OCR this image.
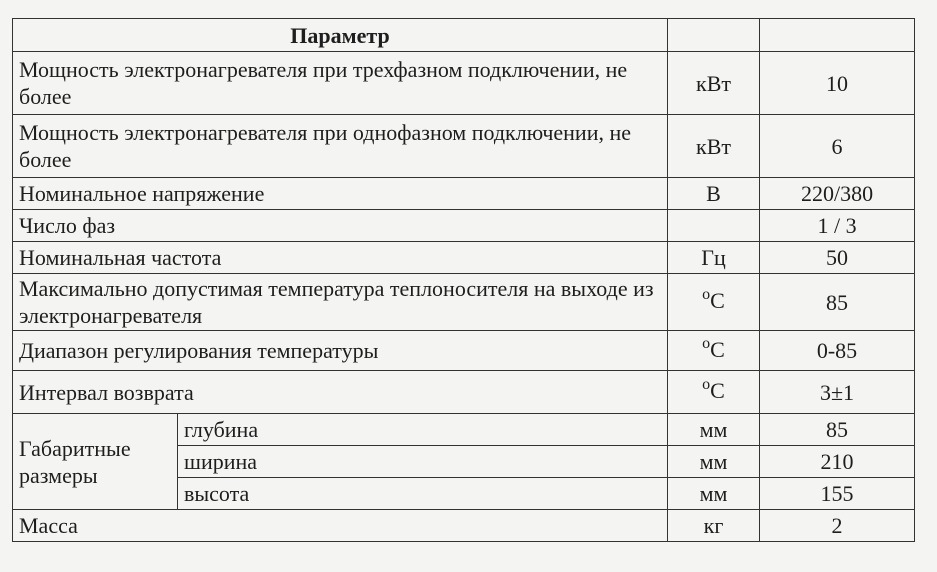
Параметр			
Мощность электронагревателя при трехфазном подключении, не более		кВт	10
Мощность электронагревателя при однофазном подключении, не более		кВт	6
Номинальное напряжение		В	220/380
Число фаз			1 / 3
Номинальная частота		Гц	50
Максимально допустимая температура теплоносителя на выходе из электронагревателя		$^o$C	85
Диапазон регулирования температуры		$^o$C	0-85
Интервал возврата		$^o$C	3±1
Габаритные размеры	глубина	мм	85
	ширина	мм	210
	высота	мм	155
Масса		кг	2
